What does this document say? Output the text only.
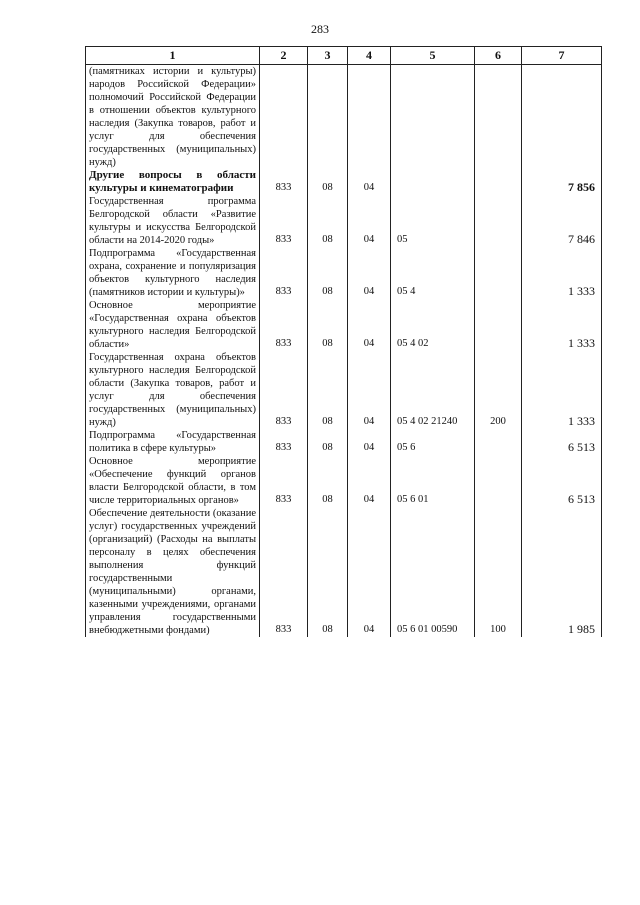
283
1	2	3	4	5	6	7
(памятниках истории и культуры) народов Российской Федерации» полномочий Российской Федерации в отношении объектов культурного наследия (Закупка товаров, работ и услуг для обеспечения государственных (муниципальных) нужд)						
Другие вопросы в области культуры и кинематографии	833	08	04			7 856
Государственная программа Белгородской области «Развитие культуры и искусства Белгородской области на 2014-2020 годы»	833	08	04	05		7 846
Подпрограмма «Государственная охрана, сохранение и популяризация объектов культурного наследия (памятников истории и культуры)»	833	08	04	05 4		1 333
Основное мероприятие «Государственная охрана объектов культурного наследия Белгородской области»	833	08	04	05 4 02		1 333
Государственная охрана объектов культурного наследия Белгородской области (Закупка товаров, работ и услуг для обеспечения государственных (муниципальных) нужд)	833	08	04	05 4 02 21240	200	1 333
Подпрограмма «Государственная политика в сфере культуры»	833	08	04	05 6		6 513
Основное мероприятие «Обеспечение функций органов власти Белгородской области, в том числе территориальных органов»	833	08	04	05 6 01		6 513
Обеспечение деятельности (оказание услуг) государственных учреждений (организаций) (Расходы на выплаты персоналу в целях обеспечения выполнения функций государственными (муниципальными) органами, казенными учреждениями, органами управления государственными внебюджетными фондами)	833	08	04	05 6 01 00590	100	1 985
